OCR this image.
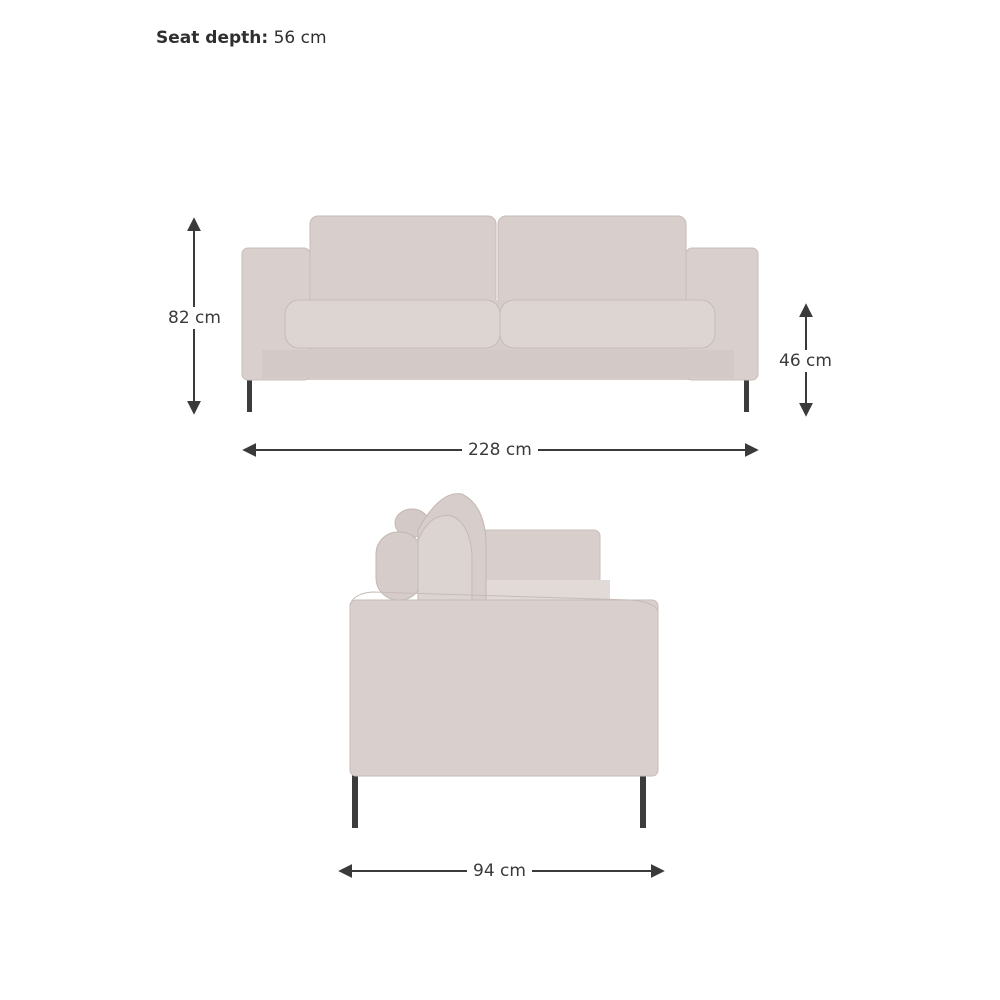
Seat depth: 56 cm
82 cm
46 cm
228 cm
94 cm
